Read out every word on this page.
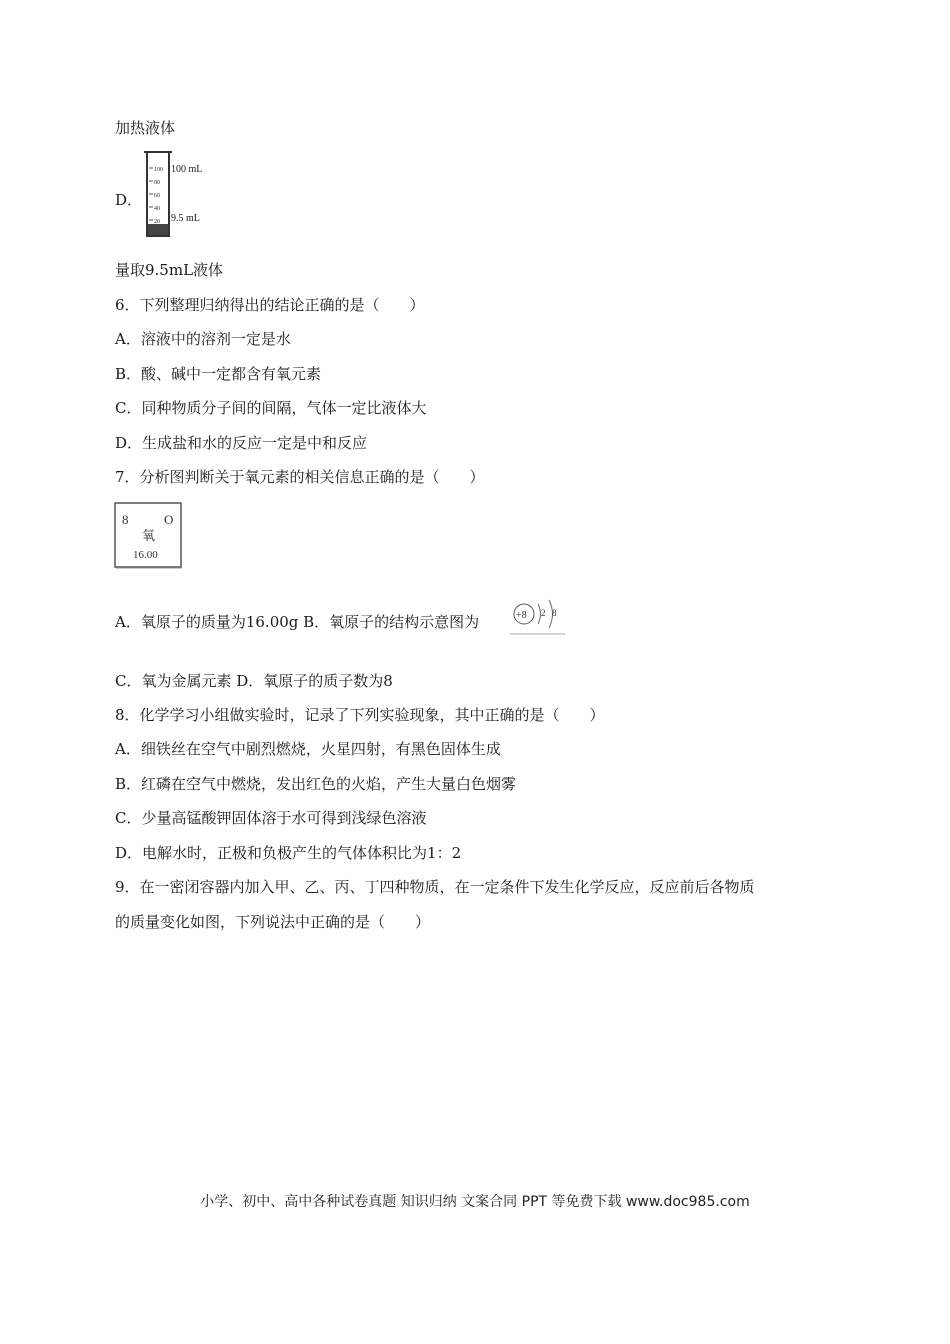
加热液体
D．
100
80
60
40
20
100 mL
9.5 mL
量取9.5mL液体
6．下列整理归纳得出的结论正确的是（　　）
A．溶液中的溶剂一定是水
B．酸、碱中一定都含有氧元素
C．同种物质分子间的间隔，气体一定比液体大
D．生成盐和水的反应一定是中和反应
7．分析图判断关于氧元素的相关信息正确的是（　　）
8	O
氧
16.00
A．氧原子的质量为16.00g B．氧原子的结构示意图为	+8 2 8
C．氧为金属元素 D．氧原子的质子数为8
8．化学学习小组做实验时，记录了下列实验现象，其中正确的是（　　）
A．细铁丝在空气中剧烈燃烧，火星四射，有黑色固体生成
B．红磷在空气中燃烧，发出红色的火焰，产生大量白色烟雾
C．少量高锰酸钾固体溶于水可得到浅绿色溶液
D．电解水时，正极和负极产生的气体体积比为1：2
9．在一密闭容器内加入甲、乙、丙、丁四种物质，在一定条件下发生化学反应，反应前后各物质
的质量变化如图，下列说法中正确的是（　　）
小学、初中、高中各种试卷真题 知识归纳 文案合同 PPT 等免费下载 www.doc985.com
